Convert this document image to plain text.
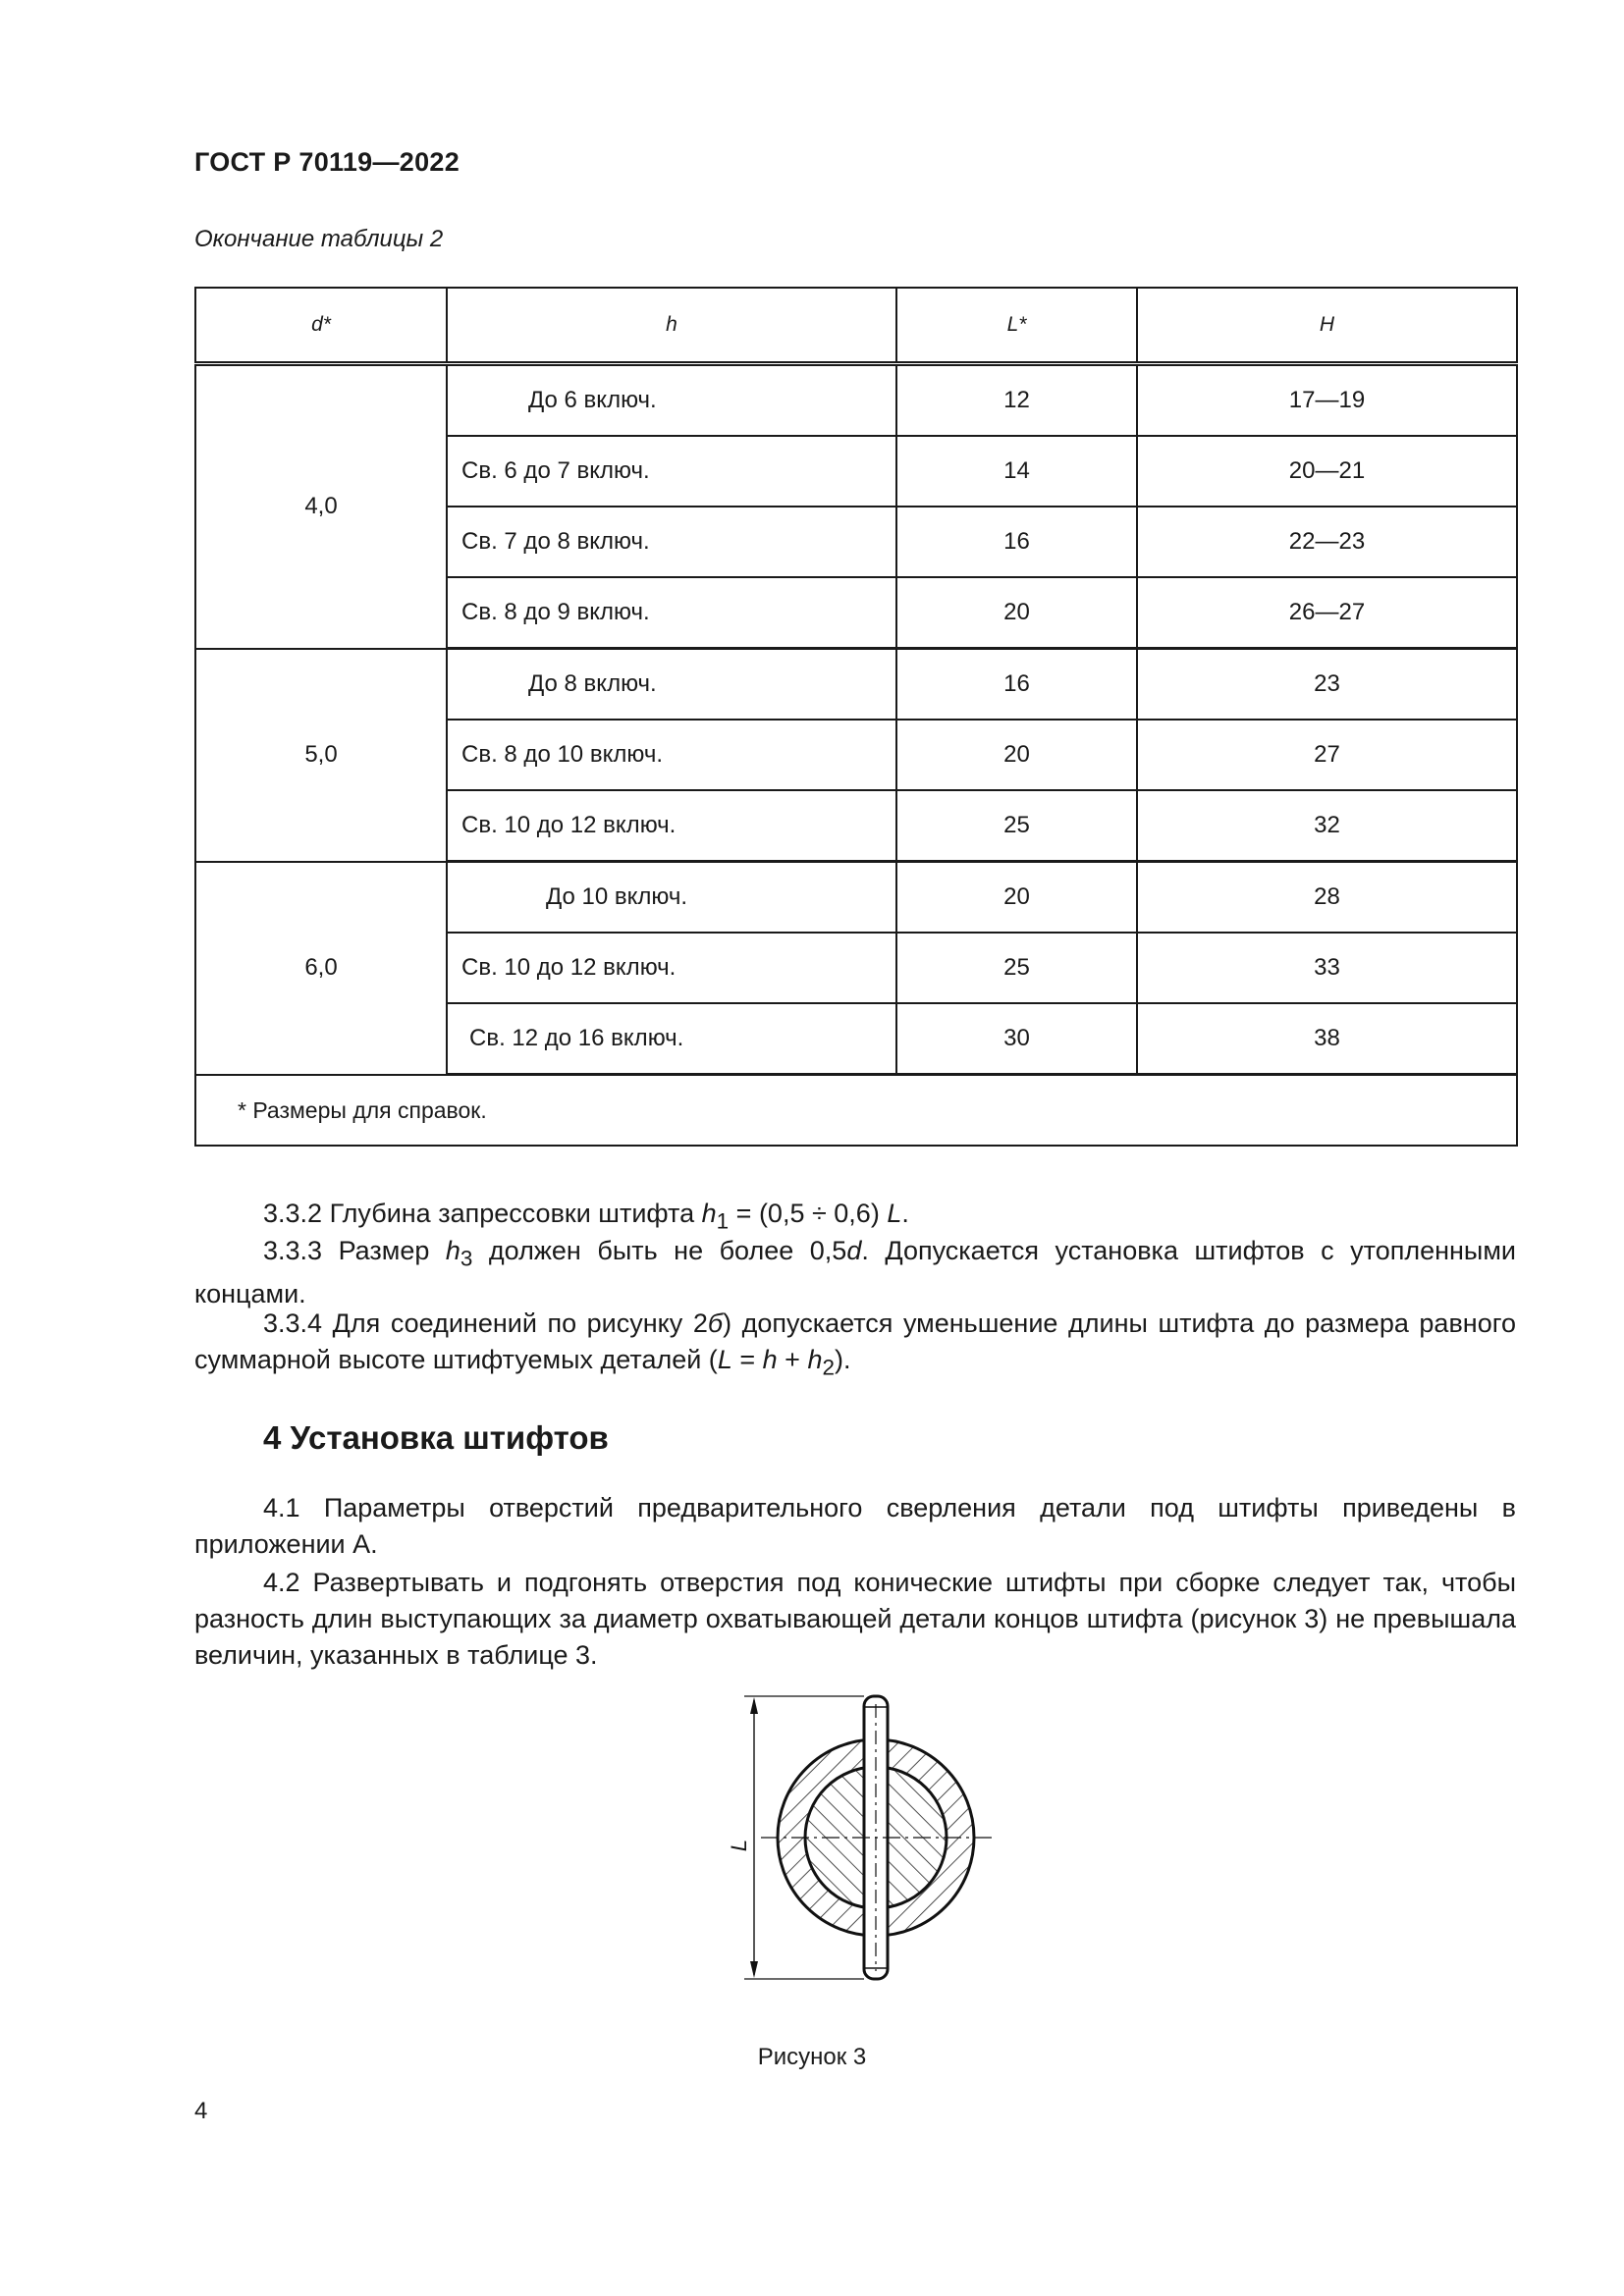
ГОСТ Р 70119—2022
Окончание таблицы 2
d*	h	L*	H
4,0	До 6 включ.	12	17—19
	Св. 6 до 7 включ.	14	20—21
	Св. 7 до 8 включ.	16	22—23
	Св. 8 до 9 включ.	20	26—27
5,0	До 8 включ.	16	23
	Св. 8 до 10 включ.	20	27
	Св. 10 до 12 включ.	25	32
6,0	До 10 включ.	20	28
	Св. 10 до 12 включ.	25	33
	Св. 12 до 16 включ.	30	38
* Размеры для справок.			
3.3.2 Глубина запрессовки штифта $h_1 = (0,5 \div 0,6)$ L.
3.3.3 Размер $h_3$ должен быть не более 0,5d. Допускается установка штифтов с утопленными концами.
3.3.4 Для соединений по рисунку 2б) допускается уменьшение длины штифта до размера равного суммарной высоте штифтуемых деталей $(L = h + h_2)$.
4 Установка штифтов
4.1 Параметры отверстий предварительного сверления детали под штифты приведены в приложении А.
4.2 Развертывать и подгонять отверстия под конические штифты при сборке следует так, чтобы разность длин выступающих за диаметр охватывающей детали концов штифта (рисунок 3) не превышала величин, указанных в таблице 3.
L
Рисунок 3
4
